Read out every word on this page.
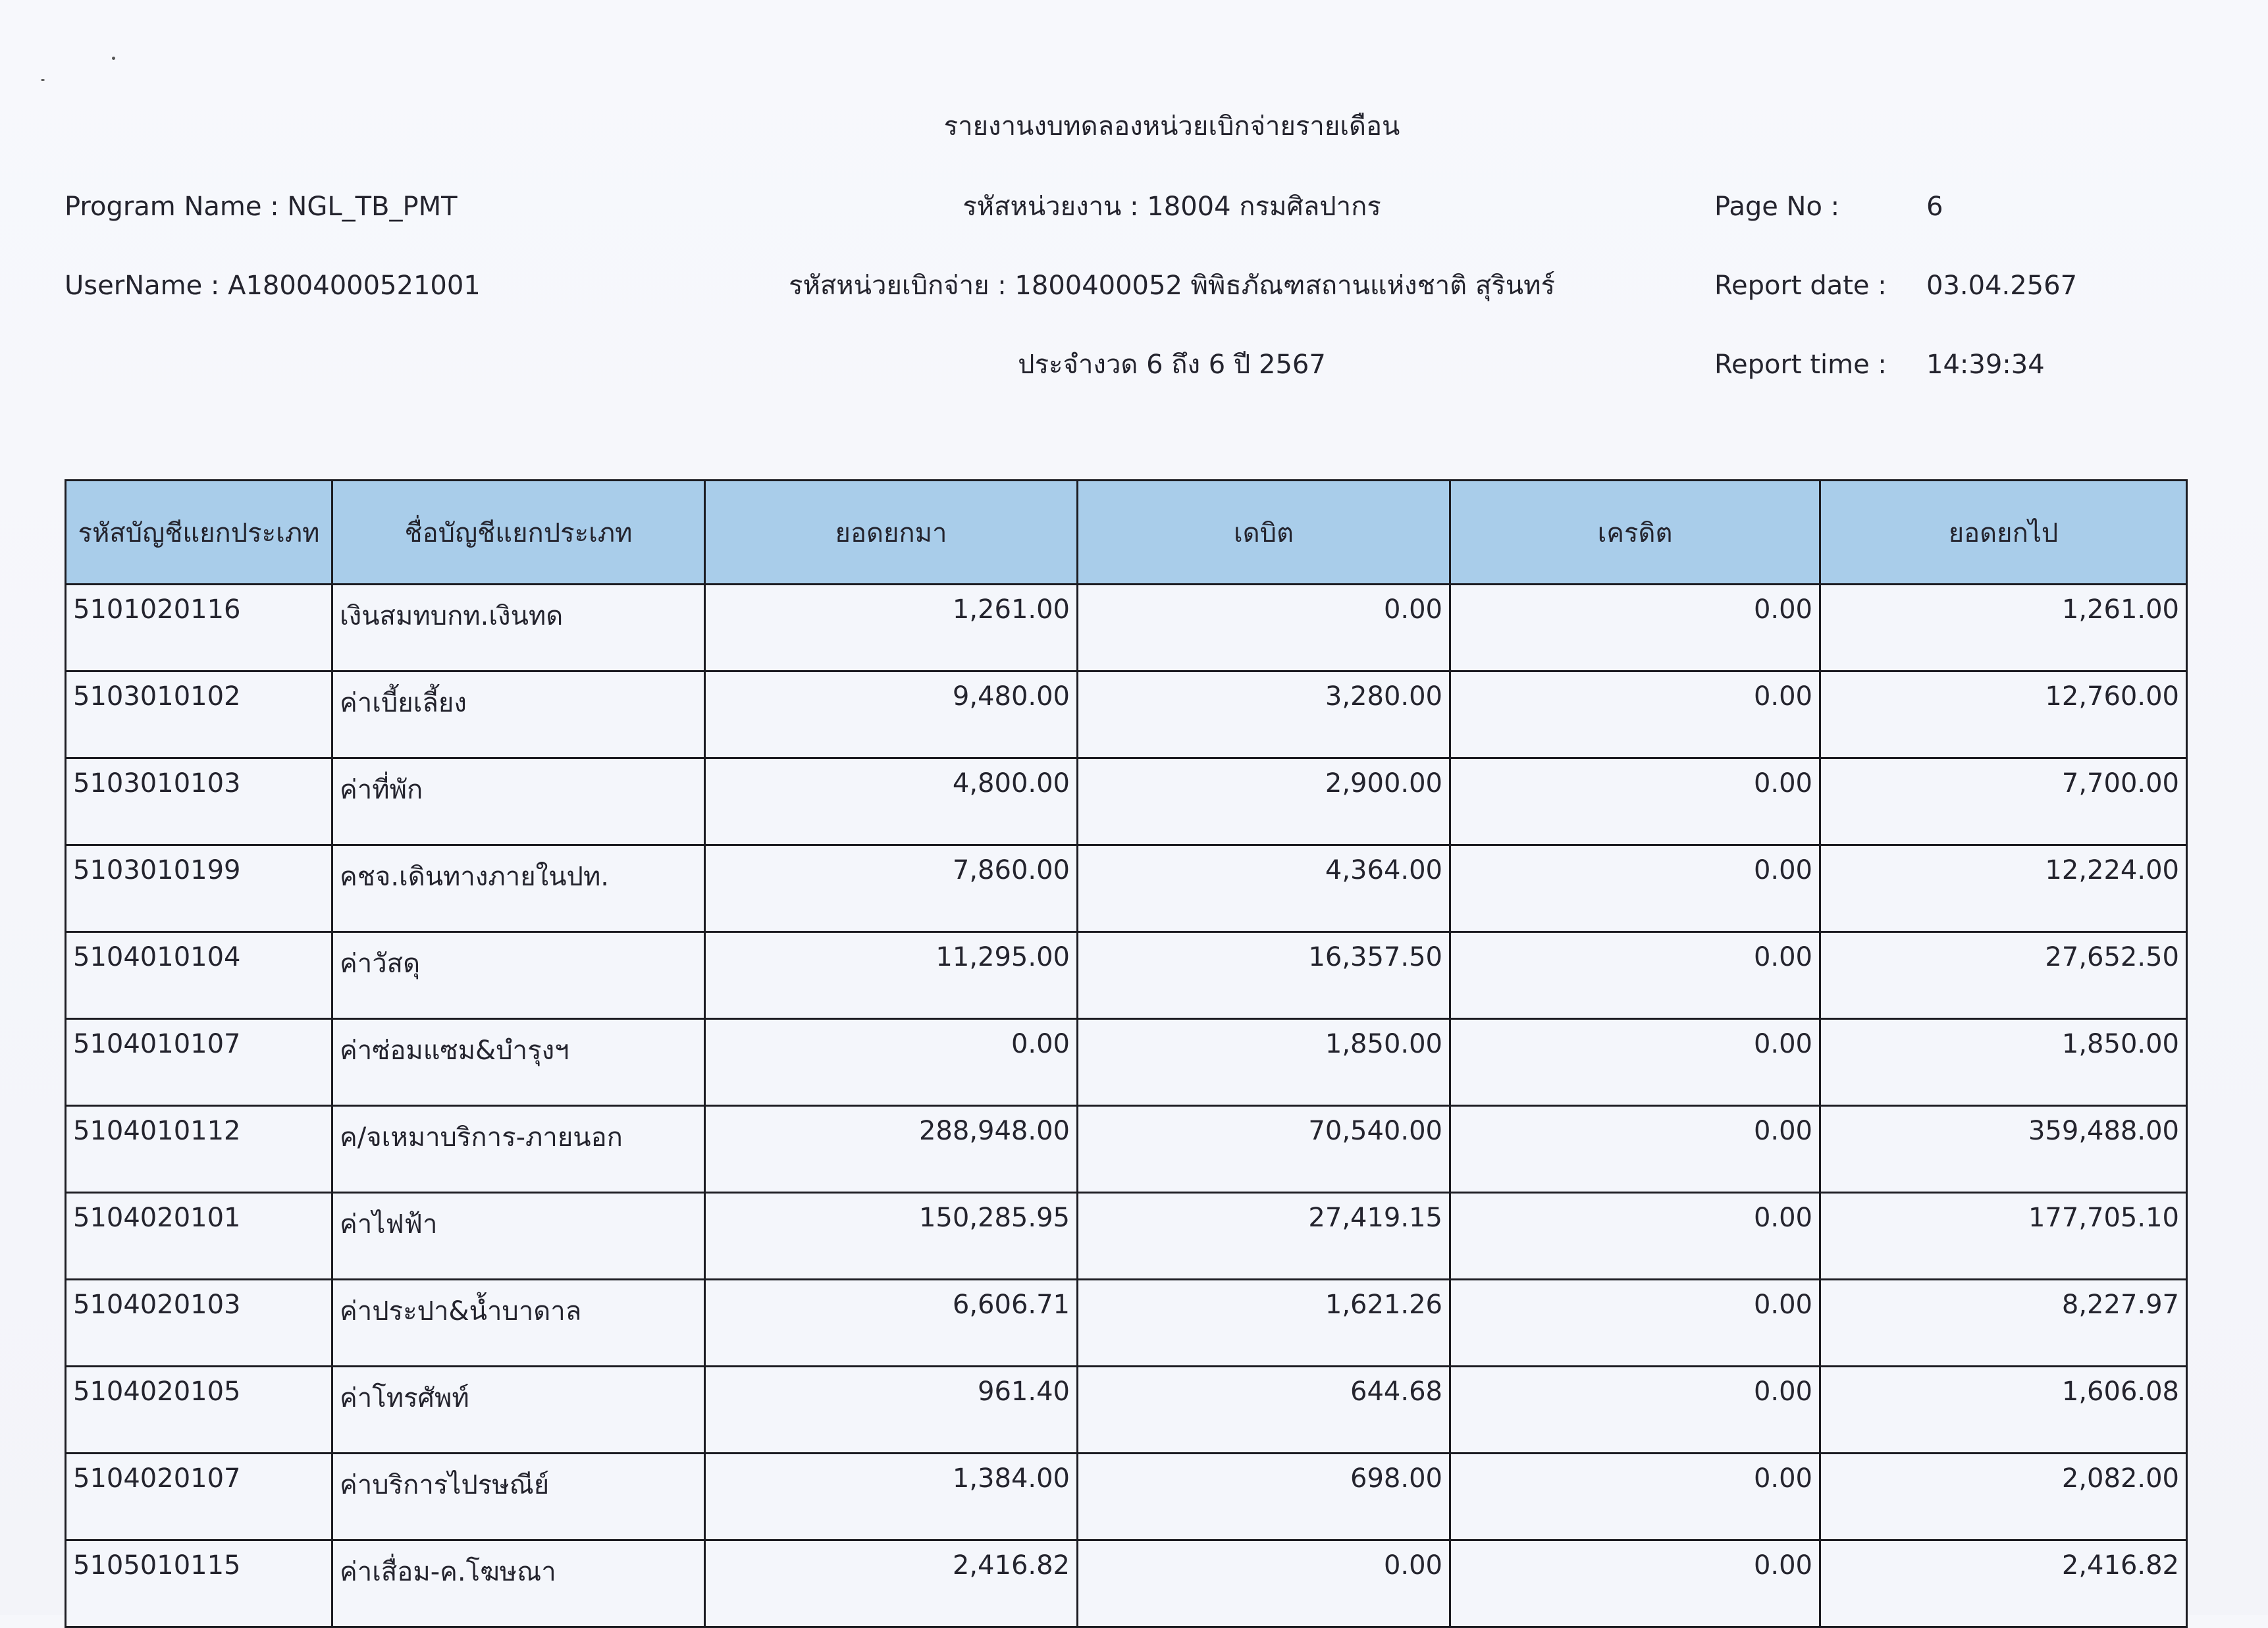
รายงานงบทดลองหน่วยเบิกจ่ายรายเดือน
รหัสหน่วยงาน : 18004 กรมศิลปากร
รหัสหน่วยเบิกจ่าย : 1800400052 พิพิธภัณฑสถานแห่งชาติ สุรินทร์
ประจำงวด 6 ถึง 6 ปี 2567
Program Name : NGL_TB_PMT
UserName : A18004000521001
Page No :	6
Report date : 03.04.2567
Report time : 14:39:34
รหัสบัญชีแยกประเภท	ชื่อบัญชีแยกประเภท	ยอดยกมา	เดบิต	เครดิต	ยอดยกไป
5101020116	เงินสมทบกท.เงินทด	1,261.00	0.00	0.00	1,261.00
5103010102	ค่าเบี้ยเลี้ยง	9,480.00	3,280.00	0.00	12,760.00
5103010103	ค่าที่พัก	4,800.00	2,900.00	0.00	7,700.00
5103010199	คชจ.เดินทางภายในปท.	7,860.00	4,364.00	0.00	12,224.00
5104010104	ค่าวัสดุ	11,295.00	16,357.50	0.00	27,652.50
5104010107	ค่าซ่อมแซม&บำรุงฯ	0.00	1,850.00	0.00	1,850.00
5104010112	ค/จเหมาบริการ-ภายนอก	288,948.00	70,540.00	0.00	359,488.00
5104020101	ค่าไฟฟ้า	150,285.95	27,419.15	0.00	177,705.10
5104020103	ค่าประปา&น้ำบาดาล	6,606.71	1,621.26	0.00	8,227.97
5104020105	ค่าโทรศัพท์	961.40	644.68	0.00	1,606.08
5104020107	ค่าบริการไปรษณีย์	1,384.00	698.00	0.00	2,082.00
5105010115	ค่าเสื่อม-ค.โฆษณา	2,416.82	0.00	0.00	2,416.82
